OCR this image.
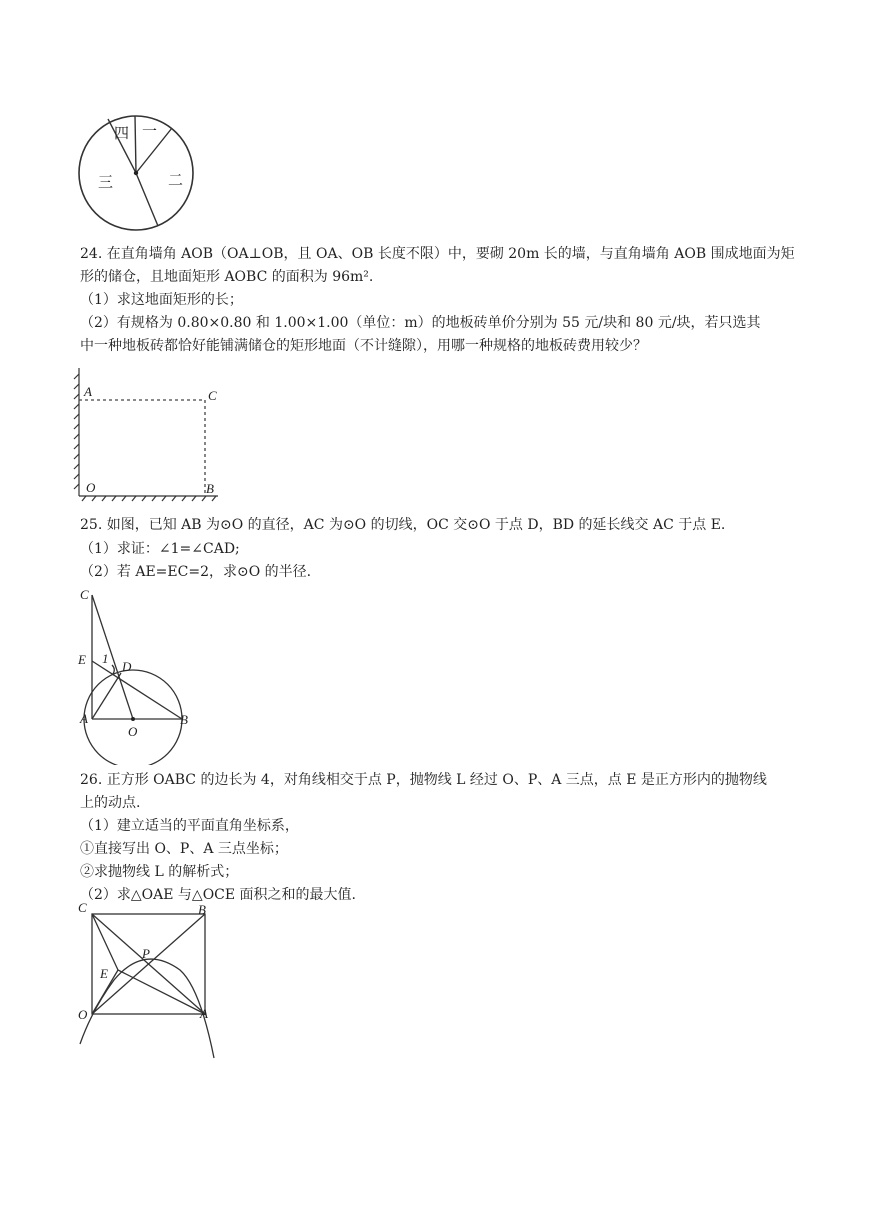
四 一
二
三
24. 在直角墙角 AOB（OA⊥OB，且 OA、OB 长度不限）中，要砌 20m 长的墙，与直角墙角 AOB 围成地面为矩
形的储仓，且地面矩形 AOBC 的面积为 96m².
（1）求这地面矩形的长；
（2）有规格为 0.80×0.80 和 1.00×1.00（单位：m）的地板砖单价分别为 55 元/块和 80 元/块，若只选其
中一种地板砖都恰好能铺满储仓的矩形地面（不计缝隙），用哪一种规格的地板砖费用较少？
A	C
O	B
25. 如图，已知 AB 为⊙O 的直径，AC 为⊙O 的切线，OC 交⊙O 于点 D，BD 的延长线交 AC 于点 E.
（1）求证：∠1=∠CAD;
（2）若 AE=EC=2，求⊙O 的半径.
C
E 1
D
A
O
B
26. 正方形 OABC 的边长为 4，对角线相交于点 P，抛物线 L 经过 O、P、A 三点，点 E 是正方形内的抛物线
上的动点.
（1）建立适当的平面直角坐标系，
①直接写出 O、P、A 三点坐标；
②求抛物线 L 的解析式；
（2）求△OAE 与△OCE 面积之和的最大值.
C	B
P
E
O	A
